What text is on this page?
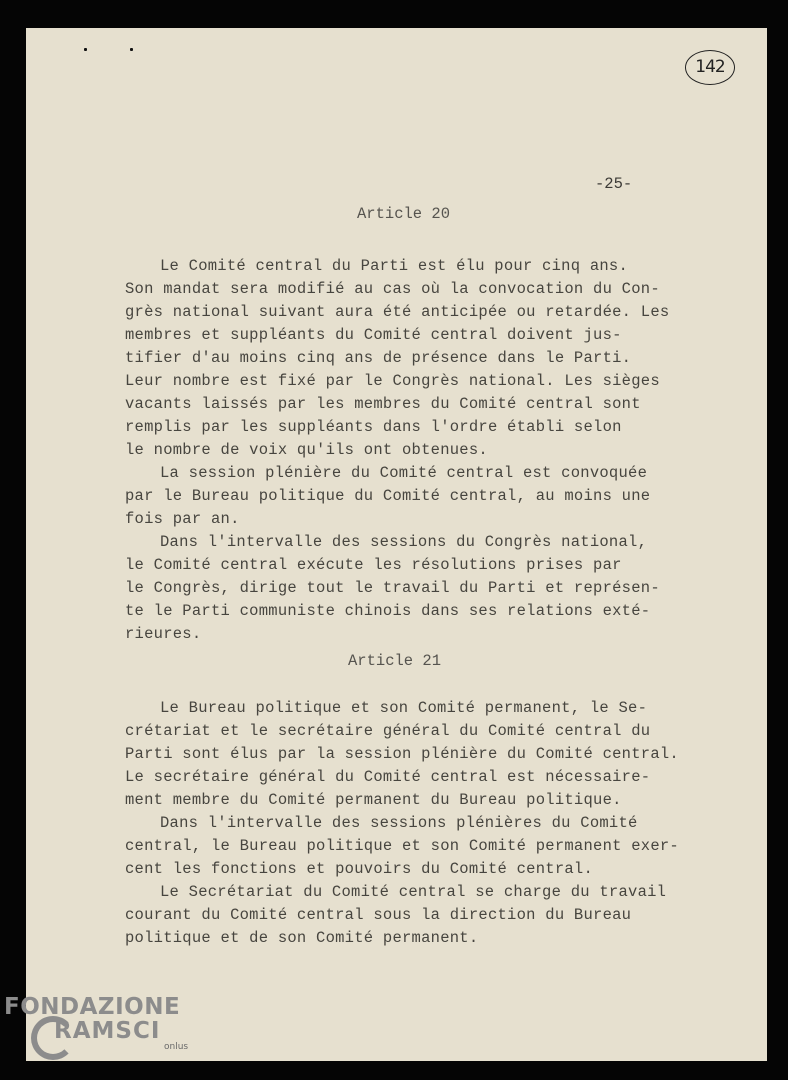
142
-25-
Article 20
Le Comité central du Parti est élu pour cinq ans.
Son mandat sera modifié au cas où la convocation du Con-
grès national suivant aura été anticipée ou retardée. Les
membres et suppléants du Comité central doivent jus-
tifier d'au moins cinq ans de présence dans le Parti.
Leur nombre est fixé par le Congrès national. Les sièges
vacants laissés par les membres du Comité central sont
remplis par les suppléants dans l'ordre établi selon
le nombre de voix qu'ils ont obtenues.
La session plénière du Comité central est convoquée
par le Bureau politique du Comité central, au moins une
fois par an.
Dans l'intervalle des sessions du Congrès national,
le Comité central exécute les résolutions prises par
le Congrès, dirige tout le travail du Parti et représen-
te le Parti communiste chinois dans ses relations exté-
rieures.
Article 21
Le Bureau politique et son Comité permanent, le Se-
crétariat et le secrétaire général du Comité central du
Parti sont élus par la session plénière du Comité central.
Le secrétaire général du Comité central est nécessaire-
ment membre du Comité permanent du Bureau politique.
Dans l'intervalle des sessions plénières du Comité
central, le Bureau politique et son Comité permanent exer-
cent les fonctions et pouvoirs du Comité central.
Le Secrétariat du Comité central se charge du travail
courant du Comité central sous la direction du Bureau
politique et de son Comité permanent.
FONDAZIONE
RAMSCI
onlus
